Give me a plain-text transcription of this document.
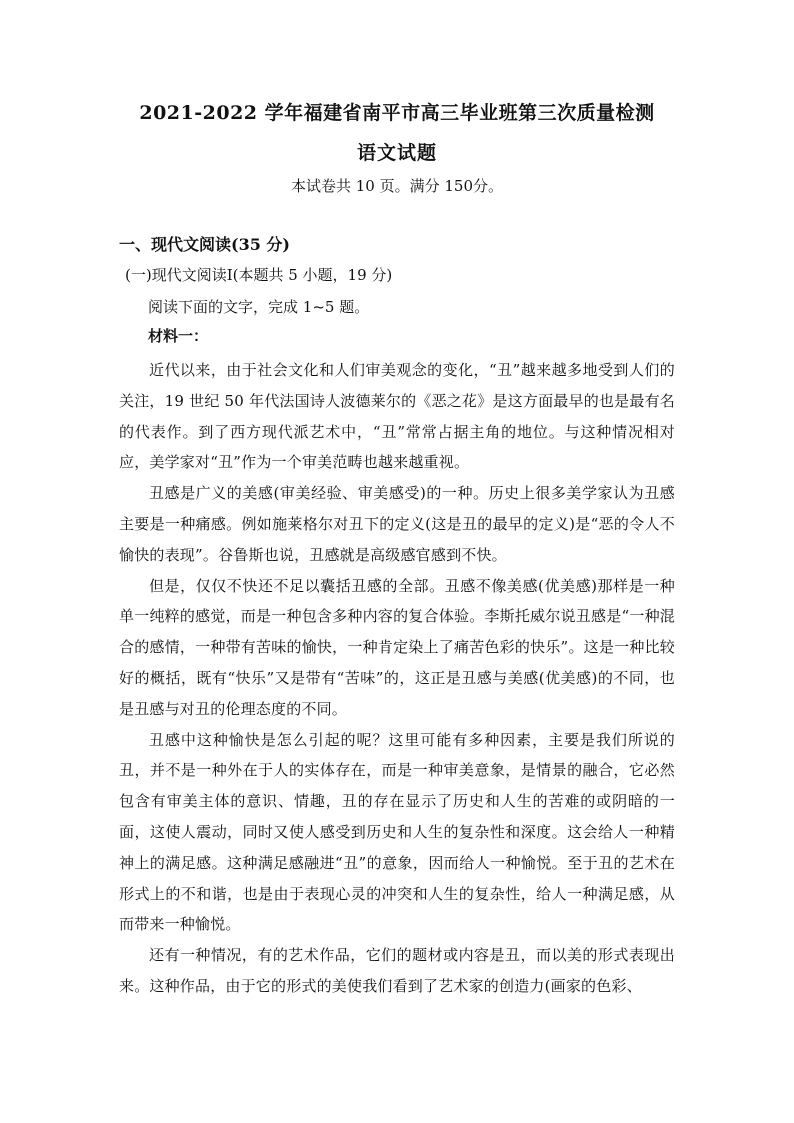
2021-2022 学年福建省南平市高三毕业班第三次质量检测
语文试题
本试卷共 10 页。满分 150分。
一、现代文阅读(35 分)
(一)现代文阅读Ⅰ(本题共 5 小题，19 分)
阅读下面的文字，完成 1~5 题。
材料一：

近代以来，由于社会文化和人们审美观念的变化，“丑”越来越多地受到人们的关注，19 世纪 50 年代法国诗人波德莱尔的《恶之花》是这方面最早的也是最有名的代表作。到了西方现代派艺术中，“丑”常常占据主角的地位。与这种情况相对应，美学家对“丑”作为一个审美范畴也越来越重视。

丑感是广义的美感(审美经验、审美感受)的一种。历史上很多美学家认为丑感主要是一种痛感。例如施莱格尔对丑下的定义(这是丑的最早的定义)是“恶的令人不愉快的表现”。谷鲁斯也说，丑感就是高级感官感到不快。

但是，仅仅不快还不足以囊括丑感的全部。丑感不像美感(优美感)那样是一种单一纯粹的感觉，而是一种包含多种内容的复合体验。李斯托威尔说丑感是“一种混合的感情，一种带有苦味的愉快，一种肯定染上了痛苦色彩的快乐”。这是一种比较好的概括，既有“快乐”又是带有“苦味”的，这正是丑感与美感(优美感)的不同，也是丑感与对丑的伦理态度的不同。

丑感中这种愉快是怎么引起的呢？这里可能有多种因素，主要是我们所说的丑，并不是一种外在于人的实体存在，而是一种审美意象，是情景的融合，它必然包含有审美主体的意识、情趣，丑的存在显示了历史和人生的苦难的或阴暗的一面，这使人震动，同时又使人感受到历史和人生的复杂性和深度。这会给人一种精神上的满足感。这种满足感融进“丑”的意象，因而给人一种愉悦。至于丑的艺术在形式上的不和谐，也是由于表现心灵的冲突和人生的复杂性，给人一种满足感，从而带来一种愉悦。

还有一种情况，有的艺术作品，它们的题材或内容是丑，而以美的形式表现出来。这种作品，由于它的形式的美使我们看到了艺术家的创造力(画家的色彩、
